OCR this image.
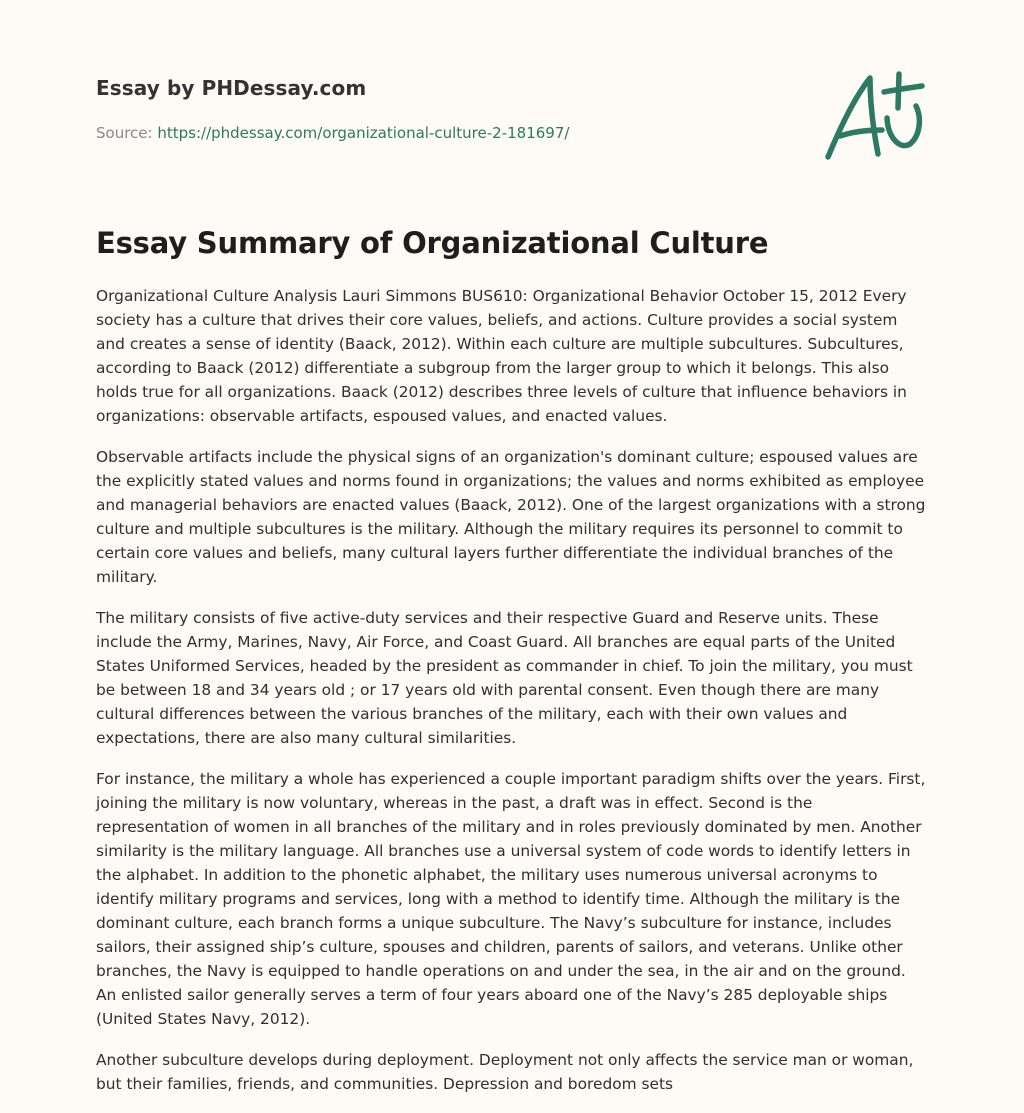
Essay by PHDessay.com

Source: https://phdessay.com/organizational-culture-2-181697/

Essay Summary of Organizational Culture

Organizational Culture Analysis Lauri Simmons BUS610: Organizational Behavior October 15, 2012 Every society has a culture that drives their core values, beliefs, and actions. Culture provides a social system and creates a sense of identity (Baack, 2012). Within each culture are multiple subcultures. Subcultures, according to Baack (2012) differentiate a subgroup from the larger group to which it belongs. This also holds true for all organizations. Baack (2012) describes three levels of culture that influence behaviors in organizations: observable artifacts, espoused values, and enacted values.

Observable artifacts include the physical signs of an organization's dominant culture; espoused values are the explicitly stated values and norms found in organizations; the values and norms exhibited as employee and managerial behaviors are enacted values (Baack, 2012). One of the largest organizations with a strong culture and multiple subcultures is the military. Although the military requires its personnel to commit to certain core values and beliefs, many cultural layers further differentiate the individual branches of the military.

The military consists of five active-duty services and their respective Guard and Reserve units. These include the Army, Marines, Navy, Air Force, and Coast Guard. All branches are equal parts of the United States Uniformed Services, headed by the president as commander in chief. To join the military, you must be between 18 and 34 years old ; or 17 years old with parental consent. Even though there are many cultural differences between the various branches of the military, each with their own values and expectations, there are also many cultural similarities.

For instance, the military a whole has experienced a couple important paradigm shifts over the years. First, joining the military is now voluntary, whereas in the past, a draft was in effect. Second is the representation of women in all branches of the military and in roles previously dominated by men. Another similarity is the military language. All branches use a universal system of code words to identify letters in the alphabet. In addition to the phonetic alphabet, the military uses numerous universal acronyms to identify military programs and services, long with a method to identify time. Although the military is the dominant culture, each branch forms a unique subculture. The Navy’s subculture for instance, includes sailors, their assigned ship’s culture, spouses and children, parents of sailors, and veterans. Unlike other branches, the Navy is equipped to handle operations on and under the sea, in the air and on the ground. An enlisted sailor generally serves a term of four years aboard one of the Navy’s 285 deployable ships (United States Navy, 2012).

Another subculture develops during deployment. Deployment not only affects the service man or woman, but their families, friends, and communities. Depression and boredom sets
